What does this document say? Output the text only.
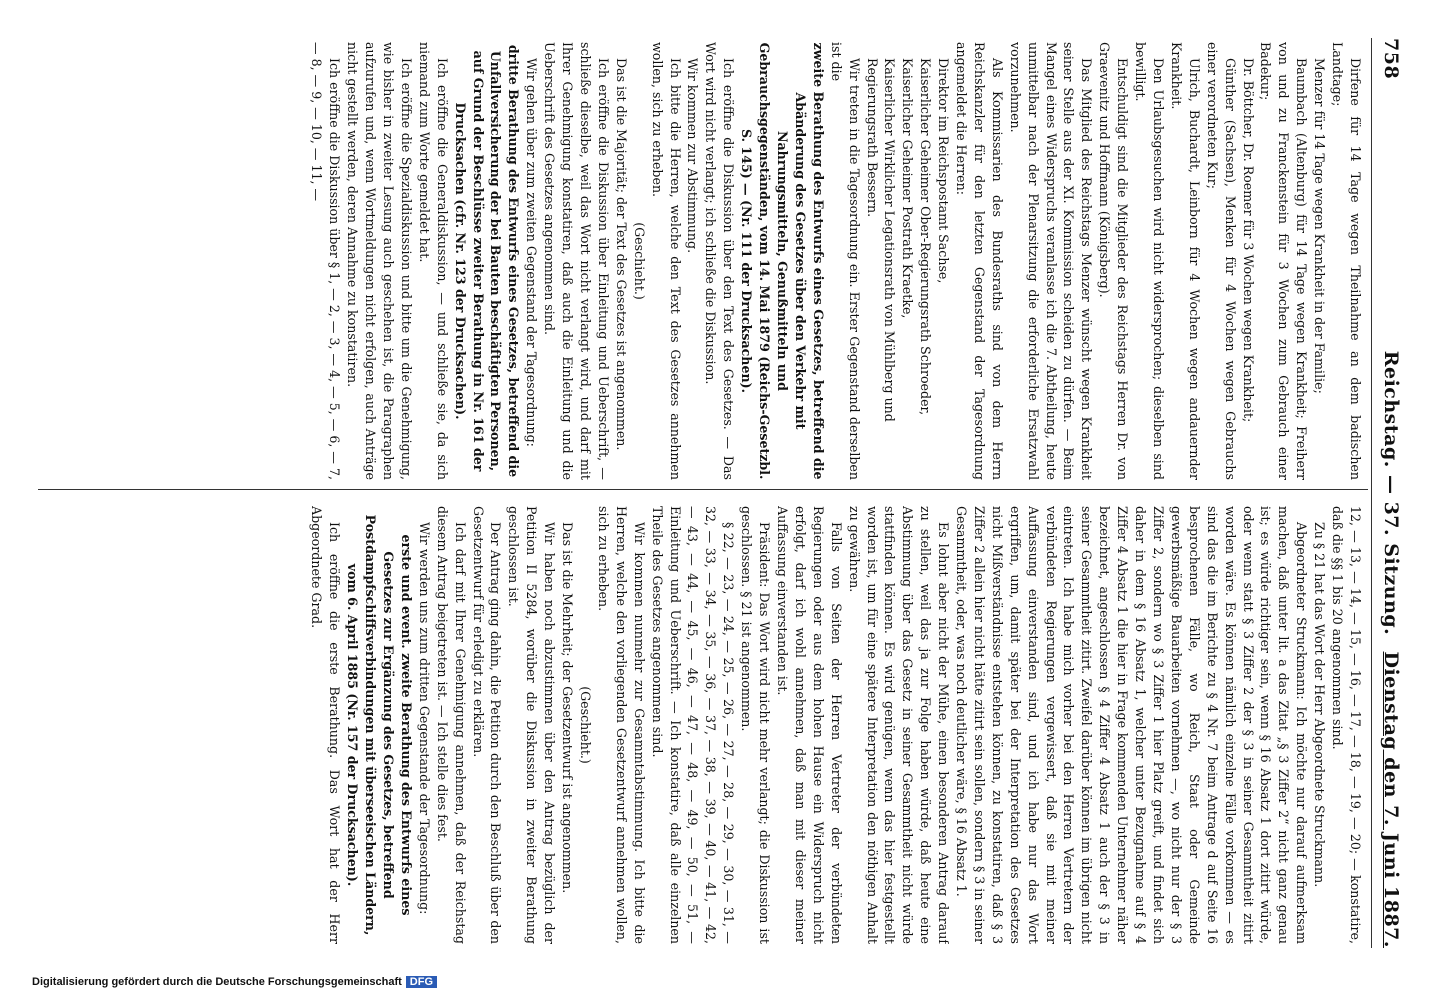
758
Reichstag. — 37. Sitzung.
Dienstag den 7. Juni 1887.

Dirfene für 14 Tage wegen Theilnahme an dem badischen Landtage;

Menzer für 14 Tage wegen Krankheit in der Familie;

Baumbach (Altenburg) für 14 Tage wegen Krankheit; Freiherr von und zu Franckenstein für 3 Wochen zum Gebrauch einer Badekur;

Dr. Böttcher, Dr. Roemer für 3 Wochen wegen Krankheit;

Günther (Sachsen), Menken für 4 Wochen wegen Gebrauchs einer verordneten Kur;

Ulrich, Buchardt, Leinborn für 4 Wochen wegen andauernder Krankheit.

Den Urlaubsgesuchen wird nicht widersprochen; dieselben sind bewilligt.

Entschuldigt sind die Mitglieder des Reichstags Herren Dr. von Graevenitz und Hoffmann (Königsberg).

Das Mitglied des Reichstags Menzer wünscht wegen Krankheit seiner Stelle aus der XI. Kommission scheiden zu dürfen. — Beim Mangel eines Widerspruchs veranlasse ich die 7. Abtheilung, heute unmittelbar nach der Plenarsitzung die erforderliche Ersatzwahl vorzunehmen.

Als Kommissarien des Bundesraths sind von dem Herrn Reichskanzler für den letzten Gegenstand der Tagesordnung angemeldet die Herren:

Direktor im Reichspostamt Sachse,

Kaiserlicher Geheimer Ober-Regierungsrath Schroeder,

Kaiserlicher Geheimer Postrath Kraetke,

Kaiserlicher Wirklicher Legationsrath von Mühlberg und

Regierungsrath Bessern.

Wir treten in die Tagesordnung ein. Erster Gegenstand derselben ist die

zweite Berathung des Entwurfs eines Gesetzes, betreffend die Abänderung des Gesetzes über den Verkehr mit Nahrungsmitteln, Genußmitteln und Gebrauchsgegenständen, vom 14. Mai 1879 (Reichs-Gesetzbl. S. 145) — (Nr. 111 der Drucksachen).

Ich eröffne die Diskussion über den Text des Gesetzes. — Das Wort wird nicht verlangt; ich schließe die Diskussion.

Wir kommen zur Abstimmung.

Ich bitte die Herren, welche den Text des Gesetzes annehmen wollen, sich zu erheben.

(Geschieht.)

Das ist die Majorität; der Text des Gesetzes ist angenommen.

Ich eröffne die Diskussion über Einleitung und Ueberschrift, — schließe dieselbe, weil das Wort nicht verlangt wird, und darf mit Ihrer Genehmigung konstatiren, daß auch die Einleitung und die Ueberschrift des Gesetzes angenommen sind.

Wir gehen über zum zweiten Gegenstand der Tagesordnung:

dritte Berathung des Entwurfs eines Gesetzes, betreffend die Unfallversicherung der bei Bauten beschäftigten Personen, auf Grund der Beschlüsse zweiter Berathung in Nr. 161 der Drucksachen (cfr. Nr. 123 der Drucksachen).

Ich eröffne die Generaldiskussion, — und schließe sie, da sich niemand zum Worte gemeldet hat.

Ich eröffne die Spezialdiskussion und bitte um die Genehmigung, wie bisher in zweiter Lesung auch geschehen ist, die Paragraphen aufzurufen und, wenn Wortmeldungen nicht erfolgen, auch Anträge nicht gestellt werden, deren Annahme zu konstatiren.

Ich eröffne die Diskussion über § 1, — 2, — 3, — 4, — 5, — 6, — 7, — 8, — 9, — 10, — 11, —

12, — 13, — 14, — 15, — 16, — 17, — 18, — 19, — 20; — konstatire, daß die §§ 1 bis 20 angenommen sind.

Zu § 21 hat das Wort der Herr Abgeordnete Struckmann.

Abgeordneter Struckmann: Ich möchte nur darauf aufmerksam machen, daß unter lit. a das Zitat „§ 3 Ziffer 2“ nicht ganz genau ist; es würde richtiger sein, wenn § 16 Absatz 1 dort zitirt würde, oder wenn statt § 3 Ziffer 2 der § 3 in seiner Gesammtheit zitirt worden wäre. Es können nämlich einzelne Fälle vorkommen — es sind das die im Berichte zu § 4 Nr. 7 beim Antrage d auf Seite 16 besprochenen Fälle, wo Reich, Staat oder Gemeinde gewerbsmäßige Bauarbeiten vornehmen —, wo nicht nur der § 3 Ziffer 2, sondern wo § 3 Ziffer 1 hier Platz greift, und findet sich daher in dem § 16 Absatz 1, welcher unter Bezugnahme auf § 4 Ziffer 4 Absatz 1 die hier in Frage kommenden Unternehmer näher bezeichnet, angeschlossen § 4 Ziffer 4 Absatz 1 auch der § 3 in seiner Gesammtheit zitirt. Zweifel darüber können im übrigen nicht eintreten. Ich habe mich vorher bei den Herren Vertretern der verbündeten Regierungen vergewissert, daß sie mit meiner Auffassung einverstanden sind, und ich habe nur das Wort ergriffen, um, damit später bei der Interpretation des Gesetzes nicht Mißverständnisse entstehen können, zu konstatiren, daß § 3 Ziffer 2 allein hier nicht hätte zitirt sein sollen, sondern § 3 in seiner Gesammtheit, oder, was noch deutlicher wäre, § 16 Absatz 1.

Es lohnt aber nicht der Mühe, einen besonderen Antrag darauf zu stellen, weil das ja zur Folge haben würde, daß heute eine Abstimmung über das Gesetz in seiner Gesammtheit nicht würde stattfinden können. Es wird genügen, wenn das hier festgestellt worden ist, um für eine spätere Interpretation den nöthigen Anhalt zu gewähren.

Falls von Seiten der Herren Vertreter der verbündeten Regierungen oder aus dem hohen Hause ein Widerspruch nicht erfolgt, darf ich wohl annehmen, daß man mit dieser meiner Auffassung einverstanden ist.

Präsident: Das Wort wird nicht mehr verlangt; die Diskussion ist geschlossen. § 21 ist angenommen.

§ 22, — 23, — 24, — 25, — 26, — 27, — 28, — 29, — 30, — 31, — 32, — 33, — 34, — 35, — 36, — 37, — 38, — 39, — 40, — 41, — 42, — 43, — 44, — 45, — 46, — 47, — 48, — 49, — 50, — 51, — Einleitung und Ueberschrift. — Ich konstatire, daß alle einzelnen Theile des Gesetzes angenommen sind.

Wir kommen nunmehr zur Gesammtabstimmung. Ich bitte die Herren, welche den vorliegenden Gesetzentwurf annehmen wollen, sich zu erheben.

(Geschieht.)

Das ist die Mehrheit; der Gesetzentwurf ist angenommen.

Wir haben noch abzustimmen über den Antrag bezüglich der Petition II 5284, worüber die Diskussion in zweiter Berathung geschlossen ist.

Der Antrag ging dahin, die Petition durch den Beschluß über den Gesetzentwurf für erledigt zu erklären.

Ich darf mit Ihrer Genehmigung annehmen, daß der Reichstag diesem Antrag beigetreten ist. — Ich stelle dies fest.

Wir werden uns zum dritten Gegenstande der Tagesordnung:

erste und event. zweite Berathung des Entwurfs eines Gesetzes zur Ergänzung des Gesetzes, betreffend Postdampfschiffsverbindungen mit überseeischen Ländern, vom 6. April 1885 (Nr. 157 der Drucksachen).

Ich eröffne die erste Berathung. Das Wort hat der Herr Abgeordnete Grad.

Digitalisierung gefördert durch die Deutsche Forschungsgemeinschaft DFG
